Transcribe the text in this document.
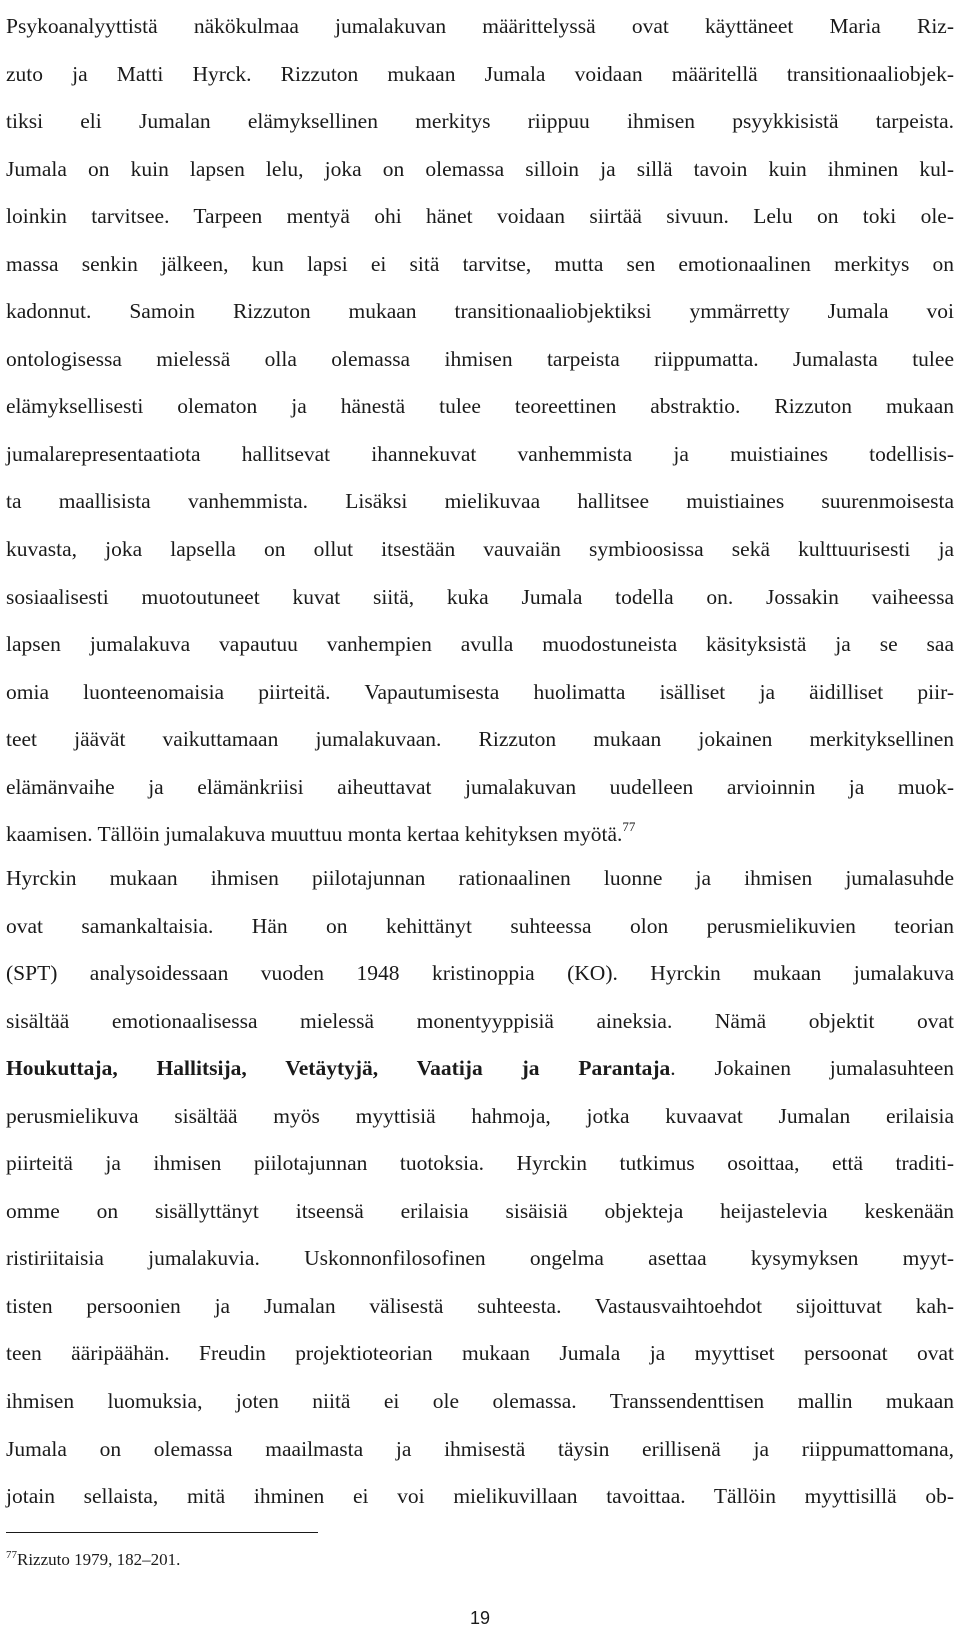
Psykoanalyyttistä näkökulmaa jumalakuvan määrittelyssä ovat käyttäneet Maria Riz-
zuto ja Matti Hyrck. Rizzuton mukaan Jumala voidaan määritellä transitionaaliobjek-
tiksi eli Jumalan elämyksellinen merkitys riippuu ihmisen psyykkisistä tarpeista.
Jumala on kuin lapsen lelu, joka on olemassa silloin ja sillä tavoin kuin ihminen kul-
loinkin tarvitsee. Tarpeen mentyä ohi hänet voidaan siirtää sivuun. Lelu on toki ole-
massa senkin jälkeen, kun lapsi ei sitä tarvitse, mutta sen emotionaalinen merkitys on
kadonnut. Samoin Rizzuton mukaan transitionaaliobjektiksi ymmärretty Jumala voi
ontologisessa mielessä olla olemassa ihmisen tarpeista riippumatta. Jumalasta tulee
elämyksellisesti olematon ja hänestä tulee teoreettinen abstraktio. Rizzuton mukaan
jumalarepresentaatiota hallitsevat ihannekuvat vanhemmista ja muistiaines todellisis-
ta maallisista vanhemmista. Lisäksi mielikuvaa hallitsee muistiaines suurenmoisesta
kuvasta, joka lapsella on ollut itsestään vauvaiän symbioosissa sekä kulttuurisesti ja
sosiaalisesti muotoutuneet kuvat siitä, kuka Jumala todella on. Jossakin vaiheessa
lapsen jumalakuva vapautuu vanhempien avulla muodostuneista käsityksistä ja se saa
omia luonteenomaisia piirteitä. Vapautumisesta huolimatta isälliset ja äidilliset piir-
teet jäävät vaikuttamaan jumalakuvaan. Rizzuton mukaan jokainen merkityksellinen
elämänvaihe ja elämänkriisi aiheuttavat jumalakuvan uudelleen arvioinnin ja muok-
kaamisen. Tällöin jumalakuva muuttuu monta kertaa kehityksen myötä.$^{77}$
Hyrckin mukaan ihmisen piilotajunnan rationaalinen luonne ja ihmisen jumalasuhde
ovat samankaltaisia. Hän on kehittänyt suhteessa olon perusmielikuvien teorian
(SPT) analysoidessaan vuoden 1948 kristinoppia (KO). Hyrckin mukaan jumalakuva
sisältää emotionaalisessa mielessä monentyyppisiä aineksia. Nämä objektit ovat
Houkuttaja, Hallitsija, Vetäytyjä, Vaatija ja Parantaja. Jokainen jumalasuhteen
perusmielikuva sisältää myös myyttisiä hahmoja, jotka kuvaavat Jumalan erilaisia
piirteitä ja ihmisen piilotajunnan tuotoksia. Hyrckin tutkimus osoittaa, että traditi-
omme on sisällyttänyt itseensä erilaisia sisäisiä objekteja heijastelevia keskenään
ristiriitaisia jumalakuvia. Uskonnonfilosofinen ongelma asettaa kysymyksen myyt-
tisten persoonien ja Jumalan välisestä suhteesta. Vastausvaihtoehdot sijoittuvat kah-
teen ääripäähän. Freudin projektioteorian mukaan Jumala ja myyttiset persoonat ovat
ihmisen luomuksia, joten niitä ei ole olemassa. Transsendenttisen mallin mukaan
Jumala on olemassa maailmasta ja ihmisestä täysin erillisenä ja riippumattomana,
jotain sellaista, mitä ihminen ei voi mielikuvillaan tavoittaa. Tällöin myyttisillä ob-
$^{77}$Rizzuto 1979, 182–201.
19
